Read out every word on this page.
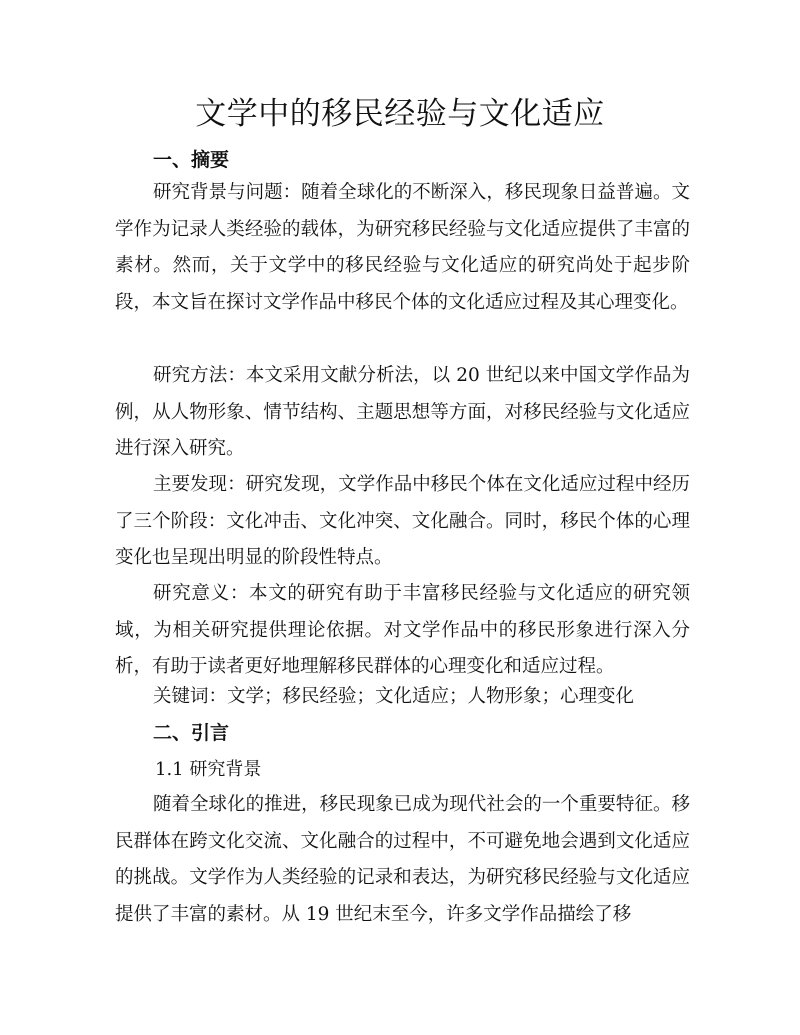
文学中的移民经验与文化适应
一、摘要

研究背景与问题：随着全球化的不断深入，移民现象日益普遍。文学作为记录人类经验的载体，为研究移民经验与文化适应提供了丰富的素材。然而，关于文学中的移民经验与文化适应的研究尚处于起步阶段，本文旨在探讨文学作品中移民个体的文化适应过程及其心理变化。

研究方法：本文采用文献分析法，以 20 世纪以来中国文学作品为例，从人物形象、情节结构、主题思想等方面，对移民经验与文化适应进行深入研究。

主要发现：研究发现，文学作品中移民个体在文化适应过程中经历了三个阶段：文化冲击、文化冲突、文化融合。同时，移民个体的心理变化也呈现出明显的阶段性特点。

研究意义：本文的研究有助于丰富移民经验与文化适应的研究领域，为相关研究提供理论依据。对文学作品中的移民形象进行深入分析，有助于读者更好地理解移民群体的心理变化和适应过程。

关键词：文学；移民经验；文化适应；人物形象；心理变化

二、引言

1.1 研究背景

随着全球化的推进，移民现象已成为现代社会的一个重要特征。移民群体在跨文化交流、文化融合的过程中，不可避免地会遇到文化适应的挑战。文学作为人类经验的记录和表达，为研究移民经验与文化适应提供了丰富的素材。从 19 世纪末至今，许多文学作品描绘了移
